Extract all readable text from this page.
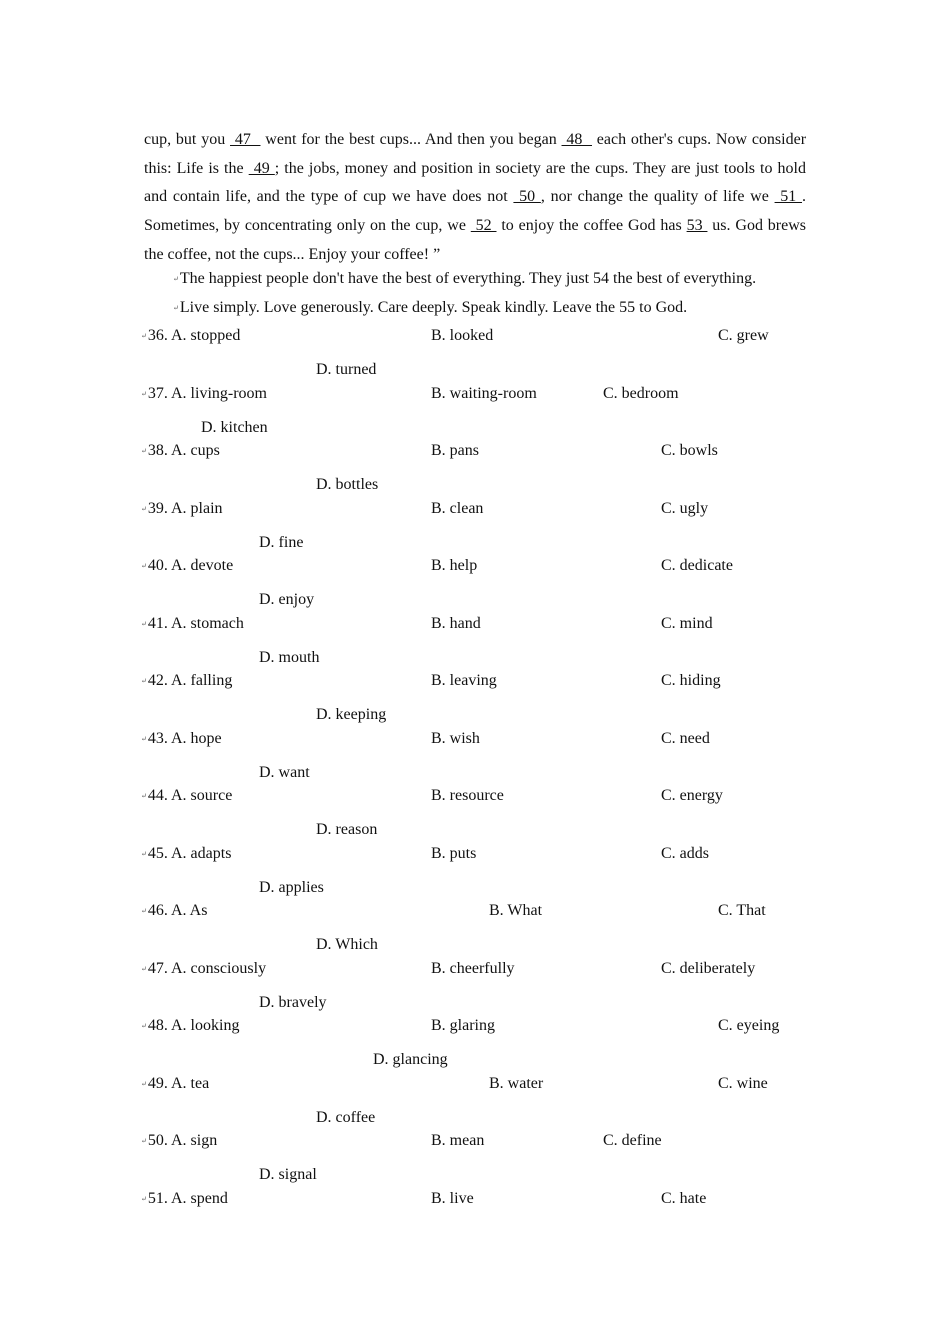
cup, but you  47   went for the best cups... And then you began  48   each other's cups. Now consider this: Life is the  49 ; the jobs, money and position in society are the cups. They are just tools to hold and contain life, and the type of cup we have does not  50 , nor change the quality of life we  51 . Sometimes, by concentrating only on the cup, we  52  to enjoy the coffee God has 53  us. God brews the coffee, not the cups... Enjoy your coffee! ”

↵The happiest people don't have the best of everything. They just 54 the best of everything.
↵Live simply. Love generously. Care deeply. Speak kindly. Leave the 55 to God.
↵36. A. stopped	B. looked	C. grew
D. turned
↵37. A. living-room	B. waiting-room	C. bedroom
D. kitchen
↵38. A. cups	B. pans	C. bowls
D. bottles
↵39. A. plain	B. clean	C. ugly
D. fine
↵40. A. devote	B. help	C. dedicate
D. enjoy
↵41. A. stomach	B. hand	C. mind
D. mouth
↵42. A. falling	B. leaving	C. hiding
D. keeping
↵43. A. hope	B. wish	C. need
D. want
↵44. A. source	B. resource	C. energy
D. reason
↵45. A. adapts	B. puts	C. adds
D. applies
↵46. A. As	B. What	C. That
D. Which
↵47. A. consciously	B. cheerfully	C. deliberately
D. bravely
↵48. A. looking	B. glaring	C. eyeing
D. glancing
↵49. A. tea	B. water	C. wine
D. coffee
↵50. A. sign	B. mean	C. define
D. signal
↵51. A. spend	B. live	C. hate
